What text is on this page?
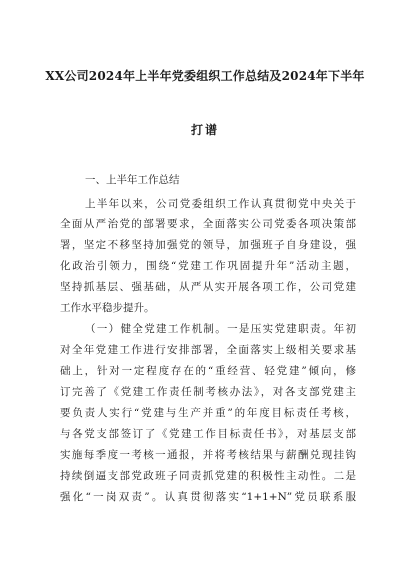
XX公司2024年上半年党委组织工作总结及2024年下半年
打谱
一、上半年工作总结
上半年以来，公司党委组织工作认真贯彻党中央关于
全面从严治党的部署要求，全面落实公司党委各项决策部
署，坚定不移坚持加强党的领导，加强班子自身建设，强
化政治引领力，围绕“党建工作巩固提升年”活动主题，
坚持抓基层、强基础，从严从实开展各项工作，公司党建
工作水平稳步提升。
（一）健全党建工作机制。一是压实党建职责。年初
对全年党建工作进行安排部署，全面落实上级相关要求基
础上，针对一定程度存在的“重经营、轻党建”倾向，修
订完善了《党建工作责任制考核办法》，对各支部党建主
要负责人实行“党建与生产并重”的年度目标责任考核，
与各党支部签订了《党建工作目标责任书》，对基层支部
实施每季度一考核一通报，并将考核结果与薪酬兑现挂钩
持续倒逼支部党政班子同责抓党建的积极性主动性。二是
强化“一岗双责”。认真贯彻落实“1+1+N”党员联系服
